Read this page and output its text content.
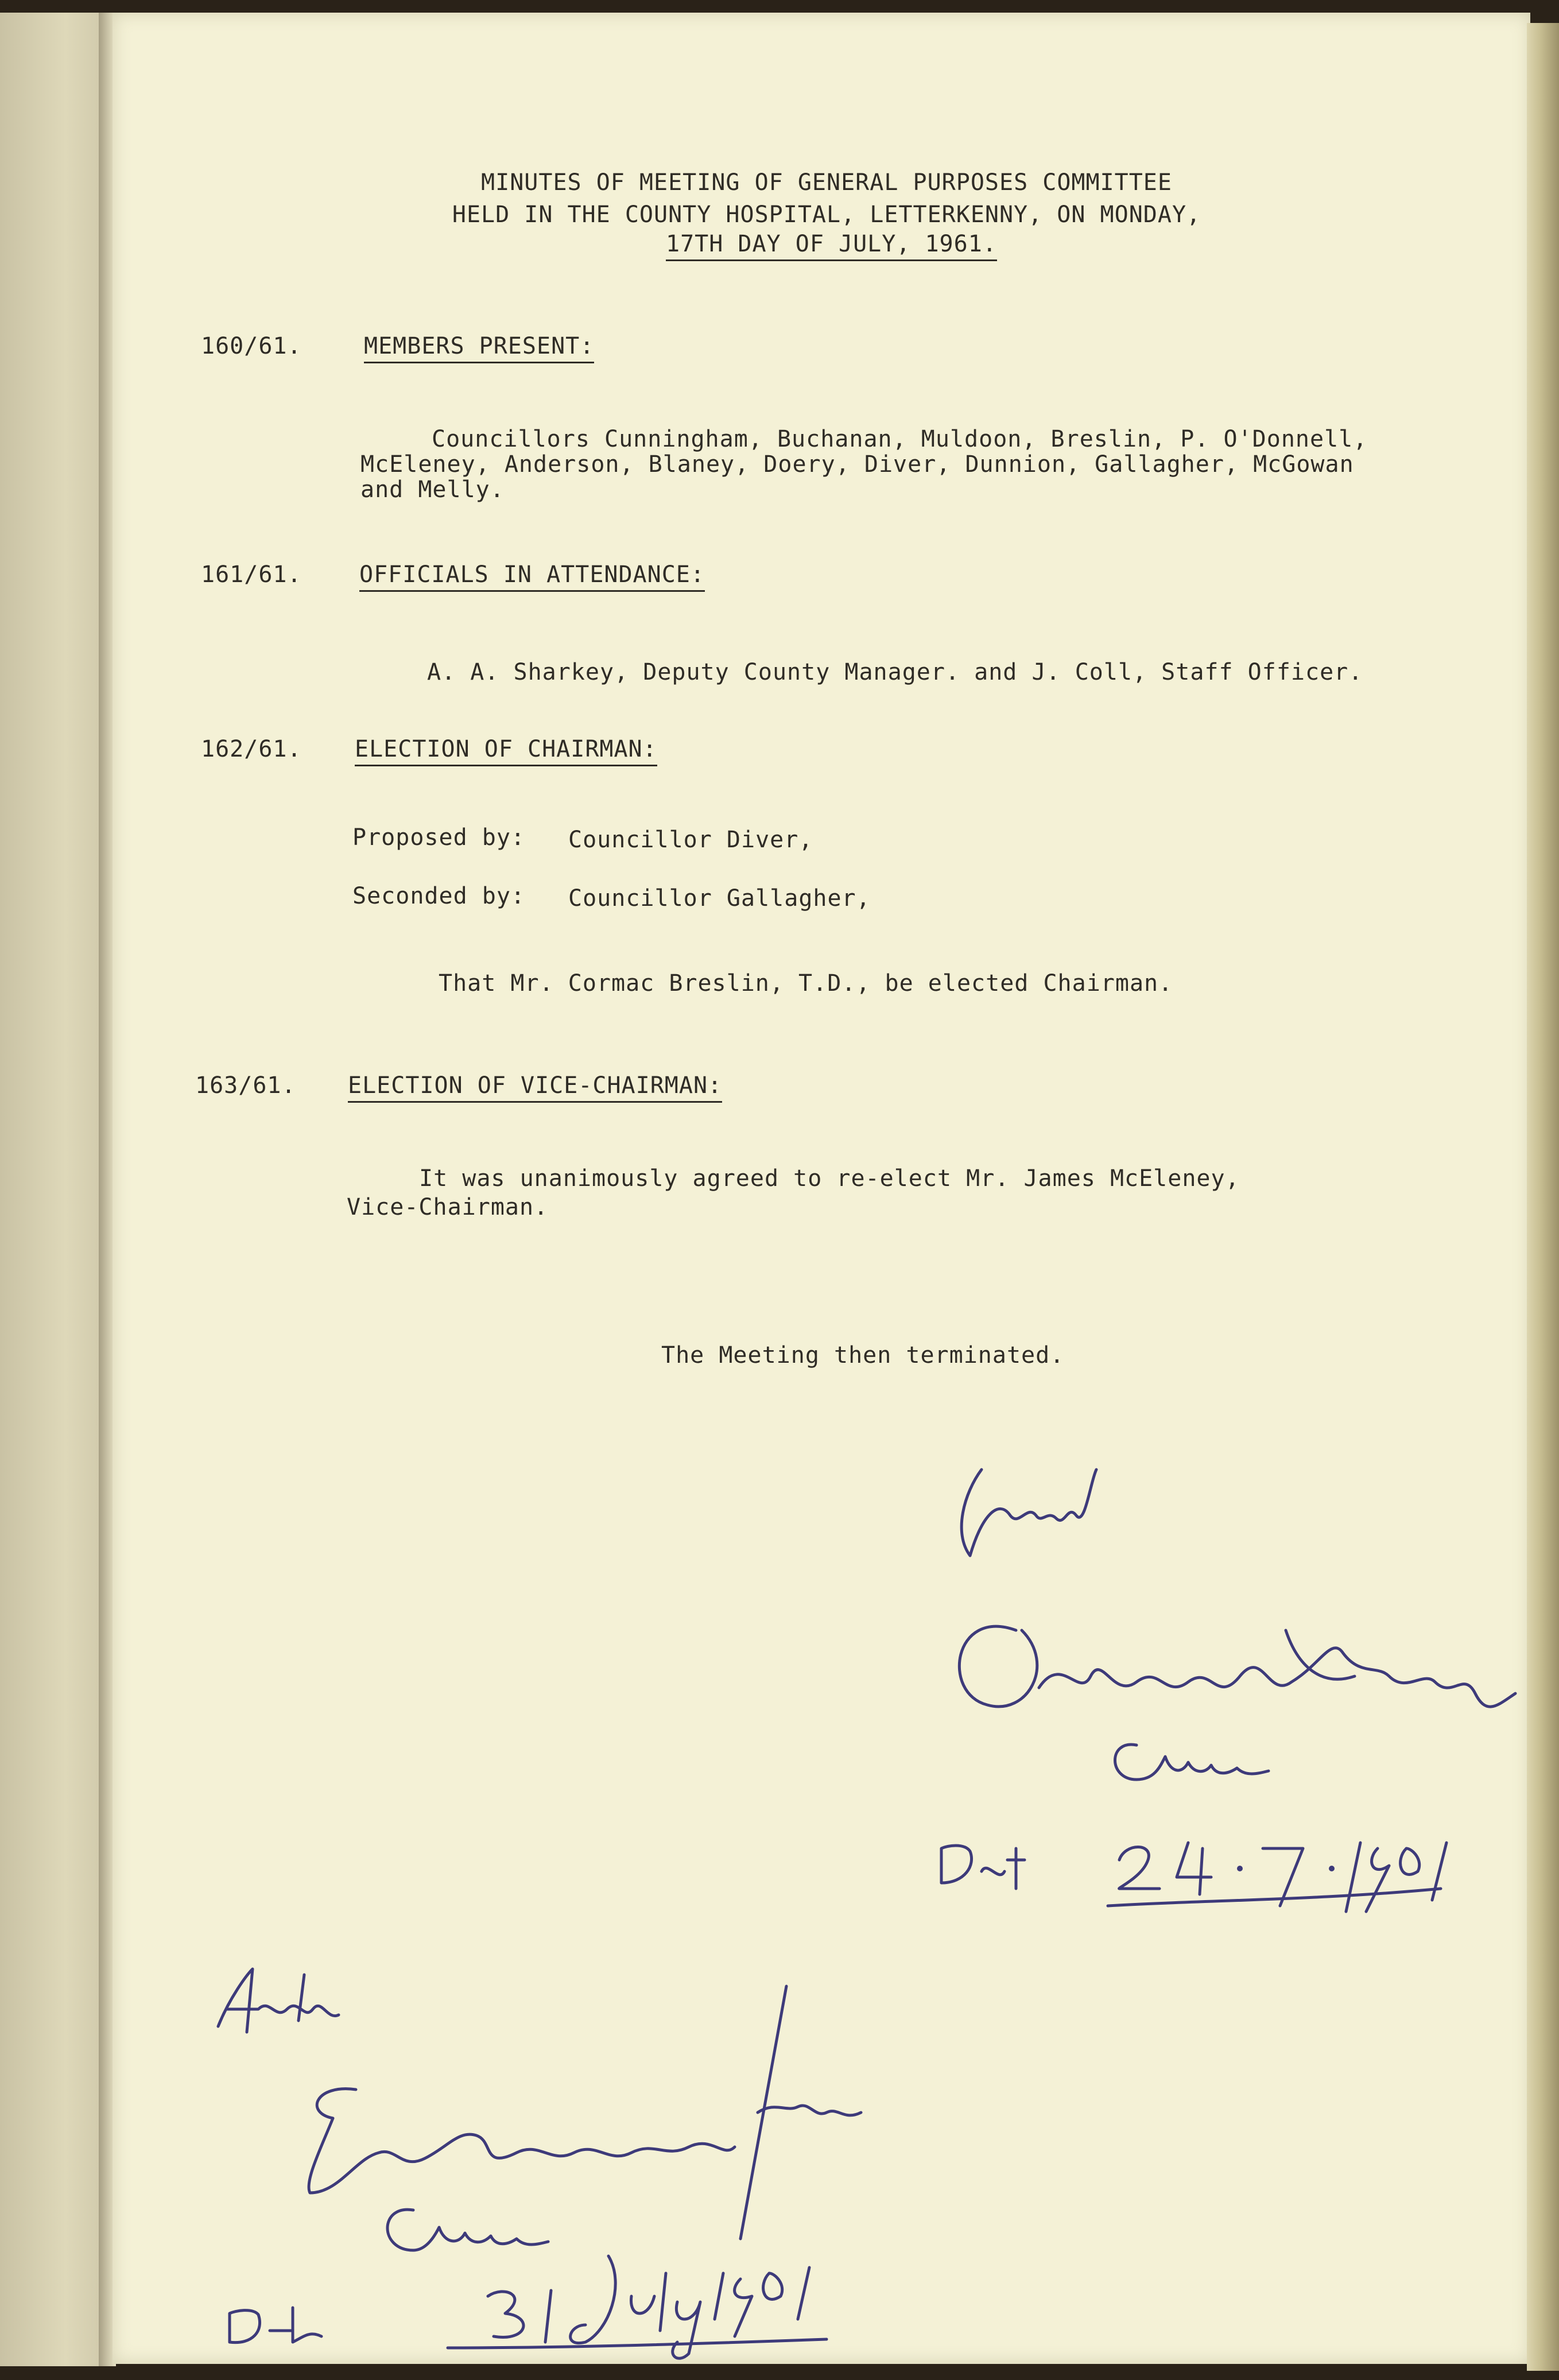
MINUTES OF MEETING OF GENERAL PURPOSES COMMITTEE
HELD IN THE COUNTY HOSPITAL, LETTERKENNY, ON MONDAY,
17TH DAY OF JULY, 1961.
160/61.	MEMBERS PRESENT:
Councillors Cunningham, Buchanan, Muldoon, Breslin, P. O'Donnell,
McEleney, Anderson, Blaney, Doery, Diver, Dunnion, Gallagher, McGowan
and Melly.
161/61.	OFFICIALS IN ATTENDANCE:
A. A. Sharkey, Deputy County Manager. and J. Coll, Staff Officer.
162/61. ELECTION OF CHAIRMAN:
Proposed by: Councillor Diver,
Seconded by: Councillor Gallagher,
That Mr. Cormac Breslin, T.D., be elected Chairman.
163/61. ELECTION OF VICE-CHAIRMAN:
It was unanimously agreed to re-elect Mr. James McEleney,
Vice-Chairman.
The Meeting then terminated.
